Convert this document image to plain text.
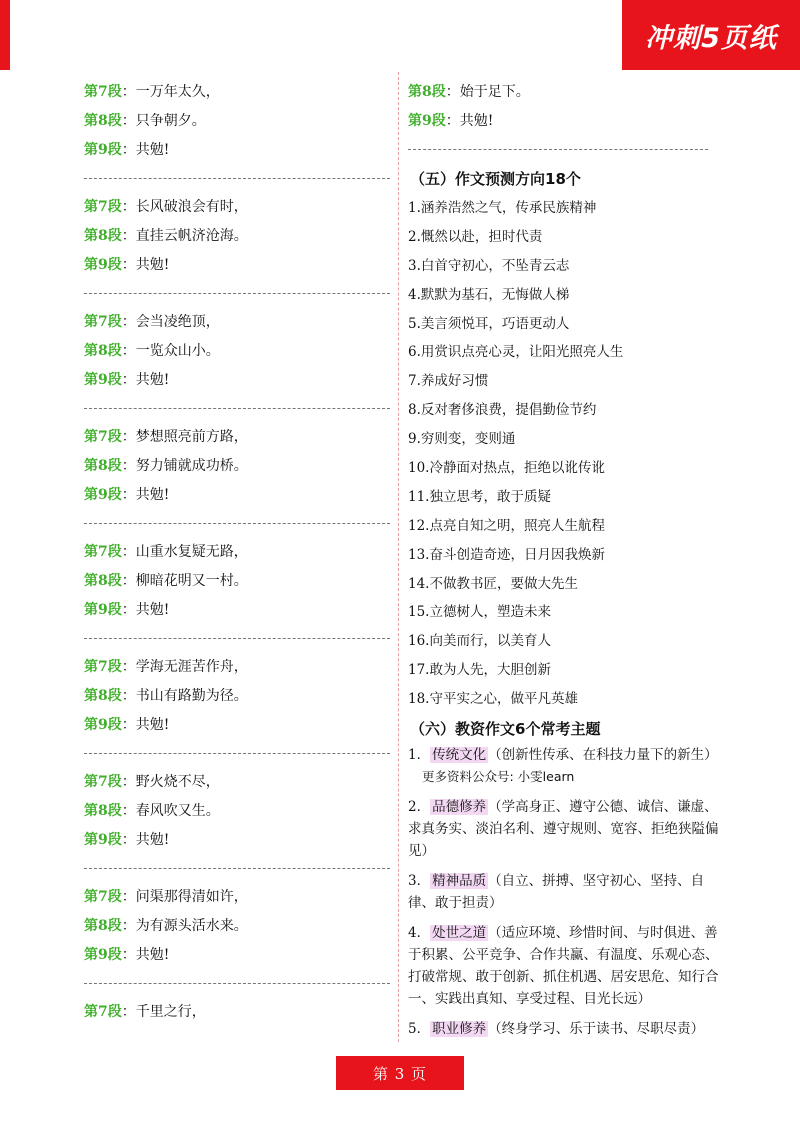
冲刺5页纸
第7段：一万年太久，
第8段：只争朝夕。
第9段：共勉!
第7段：长风破浪会有时，
第8段：直挂云帆济沧海。
第9段：共勉!
第7段：会当凌绝顶，
第8段：一览众山小。
第9段：共勉!
第7段：梦想照亮前方路，
第8段：努力铺就成功桥。
第9段：共勉!
第7段：山重水复疑无路，
第8段：柳暗花明又一村。
第9段：共勉!
第7段：学海无涯苦作舟，
第8段：书山有路勤为径。
第9段：共勉!
第7段：野火烧不尽，
第8段：春风吹又生。
第9段：共勉!
第7段：问渠那得清如许，
第8段：为有源头活水来。
第9段：共勉!
第7段：千里之行，
第8段：始于足下。
第9段：共勉!
（五）作文预测方向18个
1.涵养浩然之气，传承民族精神
2.慨然以赴，担时代责
3.白首守初心，不坠青云志
4.默默为基石，无悔做人梯
5.美言须悦耳，巧语更动人
6.用赏识点亮心灵，让阳光照亮人生
7.养成好习惯
8.反对奢侈浪费，提倡勤俭节约
9.穷则变，变则通
10.冷静面对热点，拒绝以讹传讹
11.独立思考，敢于质疑
12.点亮自知之明，照亮人生航程
13.奋斗创造奇迹，日月因我焕新
14.不做教书匠，要做大先生
15.立德树人，塑造未来
16.向美而行，以美育人
17.敢为人先，大胆创新
18.守平实之心，做平凡英雄
（六）教资作文6个常考主题
1． 传统文化 （创新性传承、在科技力量下的新生）更多资料公众号: 小雯learn
2． 品德修养 （学高身正、遵守公德、诚信、谦虚、求真务实、淡泊名利、遵守规则、宽容、拒绝狭隘偏见）
3． 精神品质 （自立、拼搏、坚守初心、坚持、自律、敢于担责）
4． 处世之道 （适应环境、珍惜时间、与时俱进、善于积累、公平竞争、合作共赢、有温度、乐观心态、打破常规、敢于创新、抓住机遇、居安思危、知行合一、实践出真知、享受过程、目光长远）
5． 职业修养 （终身学习、乐于读书、尽职尽责）
第 3 页
